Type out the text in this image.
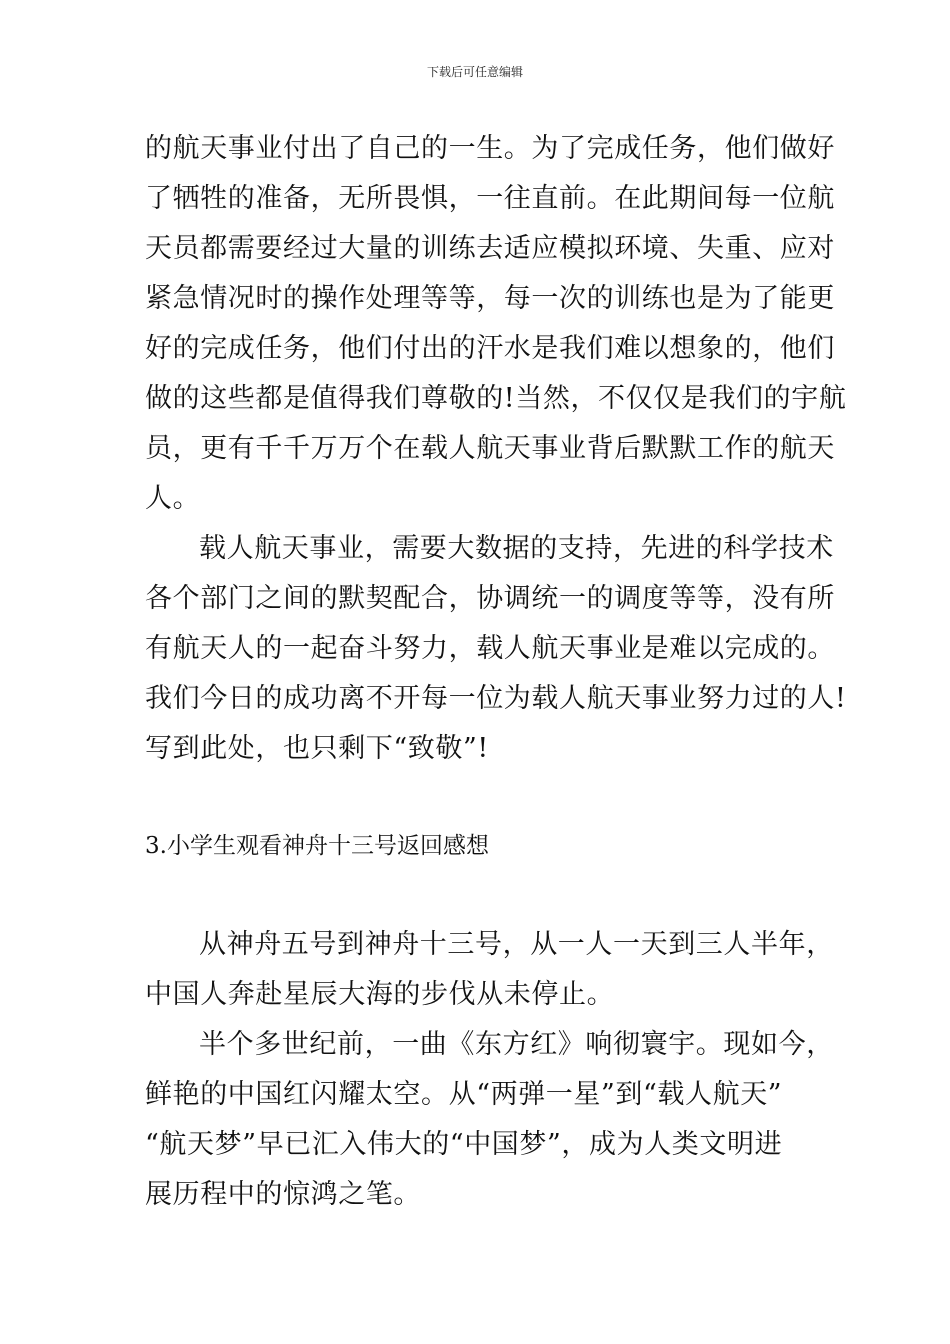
下载后可任意编辑
的航天事业付出了自己的一生。为了完成任务，他们做好
了牺牲的准备，无所畏惧，一往直前。在此期间每一位航
天员都需要经过大量的训练去适应模拟环境、失重、应对
紧急情况时的操作处理等等，每一次的训练也是为了能更
好的完成任务，他们付出的汗水是我们难以想象的，他们
做的这些都是值得我们尊敬的!当然，不仅仅是我们的宇航
员，更有千千万万个在载人航天事业背后默默工作的航天
人。
载人航天事业，需要大数据的支持，先进的科学技术
各个部门之间的默契配合，协调统一的调度等等，没有所
有航天人的一起奋斗努力，载人航天事业是难以完成的。
我们今日的成功离不开每一位为载人航天事业努力过的人!
写到此处，也只剩下“致敬”!
3.小学生观看神舟十三号返回感想
从神舟五号到神舟十三号，从一人一天到三人半年，
中国人奔赴星辰大海的步伐从未停止。
半个多世纪前，一曲《东方红》响彻寰宇。现如今，
鲜艳的中国红闪耀太空。从“两弹一星”到“载人航天”
“航天梦”早已汇入伟大的“中国梦”，成为人类文明进
展历程中的惊鸿之笔。
